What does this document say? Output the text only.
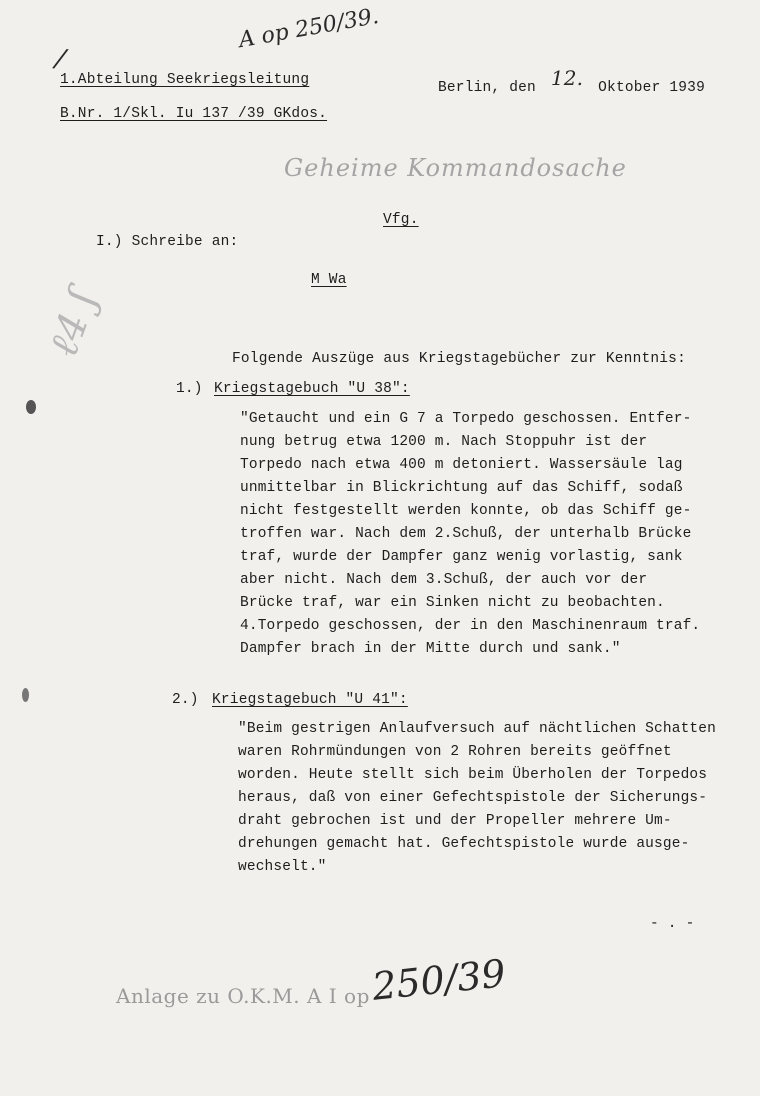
ℓ4 ʃ
/
A op 250/39.
1.Abteilung Seekriegsleitung
B.Nr. 1/Skl. Iu 137 /39 GKdos.
Berlin, den 12. Oktober 1939
Geheime Kommandosache
Vfg.
I.) Schreibe an:
M Wa
Folgende Auszüge aus Kriegstagebücher zur Kenntnis:
1.) Kriegstagebuch "U 38":
"Getaucht und ein G 7 a Torpedo geschossen. Entfer-
nung betrug etwa 1200 m. Nach Stoppuhr ist der
Torpedo nach etwa 400 m detoniert. Wassersäule lag
unmittelbar in Blickrichtung auf das Schiff, sodaß
nicht festgestellt werden konnte, ob das Schiff ge-
troffen war. Nach dem 2.Schuß, der unterhalb Brücke
traf, wurde der Dampfer ganz wenig vorlastig, sank
aber nicht. Nach dem 3.Schuß, der auch vor der
Brücke traf, war ein Sinken nicht zu beobachten.
4.Torpedo geschossen, der in den Maschinenraum traf.
Dampfer brach in der Mitte durch und sank."
2.) Kriegstagebuch "U 41":
"Beim gestrigen Anlaufversuch auf nächtlichen Schatten
waren Rohrmündungen von 2 Rohren bereits geöffnet
worden. Heute stellt sich beim Überholen der Torpedos
heraus, daß von einer Gefechtspistole der Sicherungs-
draht gebrochen ist und der Propeller mehrere Um-
drehungen gemacht hat. Gefechtspistole wurde ausge-
wechselt."
- . -
Anlage zu O.K.M. A I op 250/39
